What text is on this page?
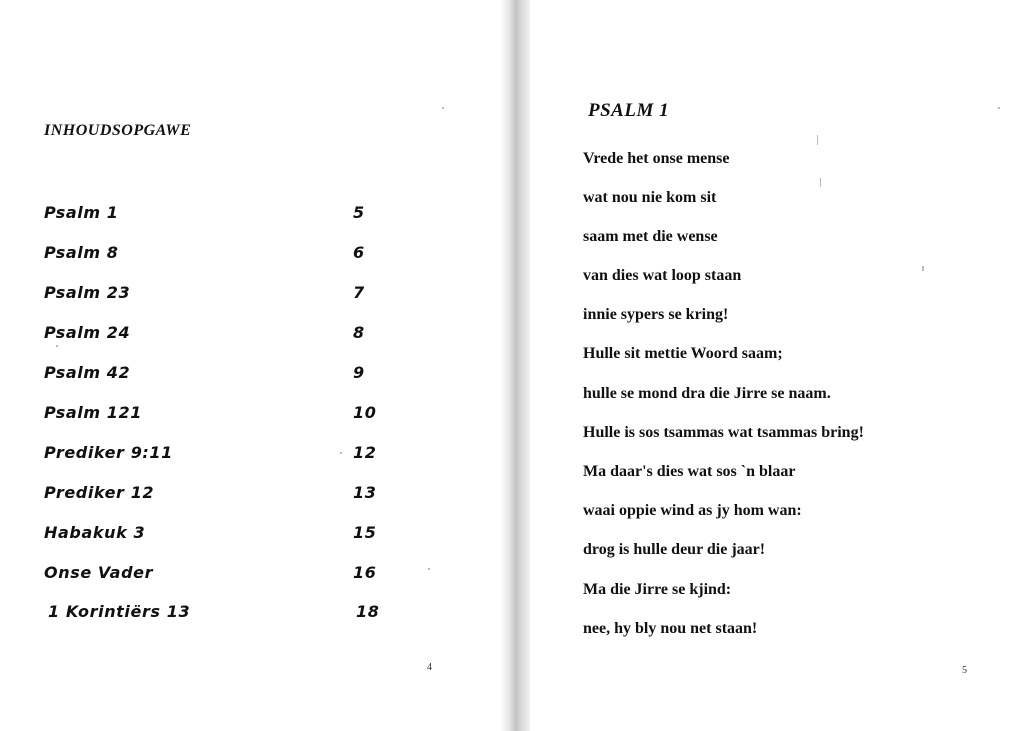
INHOUDSOPGAWE
Psalm 1	5
Psalm 8	6
Psalm 23	7
Psalm 24	8
Psalm 42	9
Psalm 121	10
Prediker 9:11	12
Prediker 12	13
Habakuk 3	15
Onse Vader	16
1 Korintiërs 13	18
4
PSALM 1
Vrede het onse mense
wat nou nie kom sit
saam met die wense
van dies wat loop staan
innie sypers se kring!
Hulle sit mettie Woord saam;
hulle se mond dra die Jirre se naam.
Hulle is sos tsammas wat tsammas bring!
Ma daar's dies wat sos `n blaar
waai oppie wind as jy hom wan:
drog is hulle deur die jaar!
Ma die Jirre se kjind:
nee, hy bly nou net staan!
5
